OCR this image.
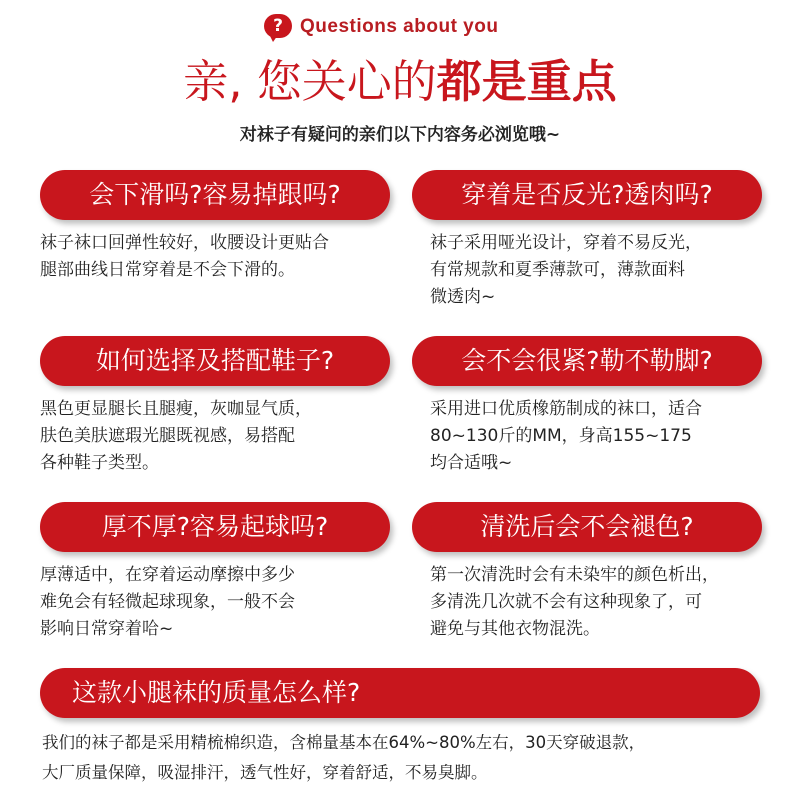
? Questions about you
亲, 您关心的都是重点
对袜子有疑问的亲们以下内容务必浏览哦~
会下滑吗?容易掉跟吗?	穿着是否反光?透肉吗?
袜子袜口回弹性较好，收腰设计更贴合
腿部曲线日常穿着是不会下滑的。
袜子采用哑光设计，穿着不易反光，
有常规款和夏季薄款可，薄款面料
微透肉~
如何选择及搭配鞋子?	会不会很紧?勒不勒脚?
黑色更显腿长且腿瘦，灰咖显气质，
肤色美肤遮瑕光腿既视感，易搭配
各种鞋子类型。
采用进口优质橡筋制成的袜口，适合
80~130斤的MM，身高155~175
均合适哦~
厚不厚?容易起球吗?	清洗后会不会褪色?
厚薄适中，在穿着运动摩擦中多少
难免会有轻微起球现象，一般不会
影响日常穿着哈~
第一次清洗时会有未染牢的颜色析出，
多清洗几次就不会有这种现象了，可
避免与其他衣物混洗。
这款小腿袜的质量怎么样?
我们的袜子都是采用精梳棉织造，含棉量基本在64%~80%左右，30天穿破退款，
大厂质量保障，吸湿排汗，透气性好，穿着舒适，不易臭脚。
